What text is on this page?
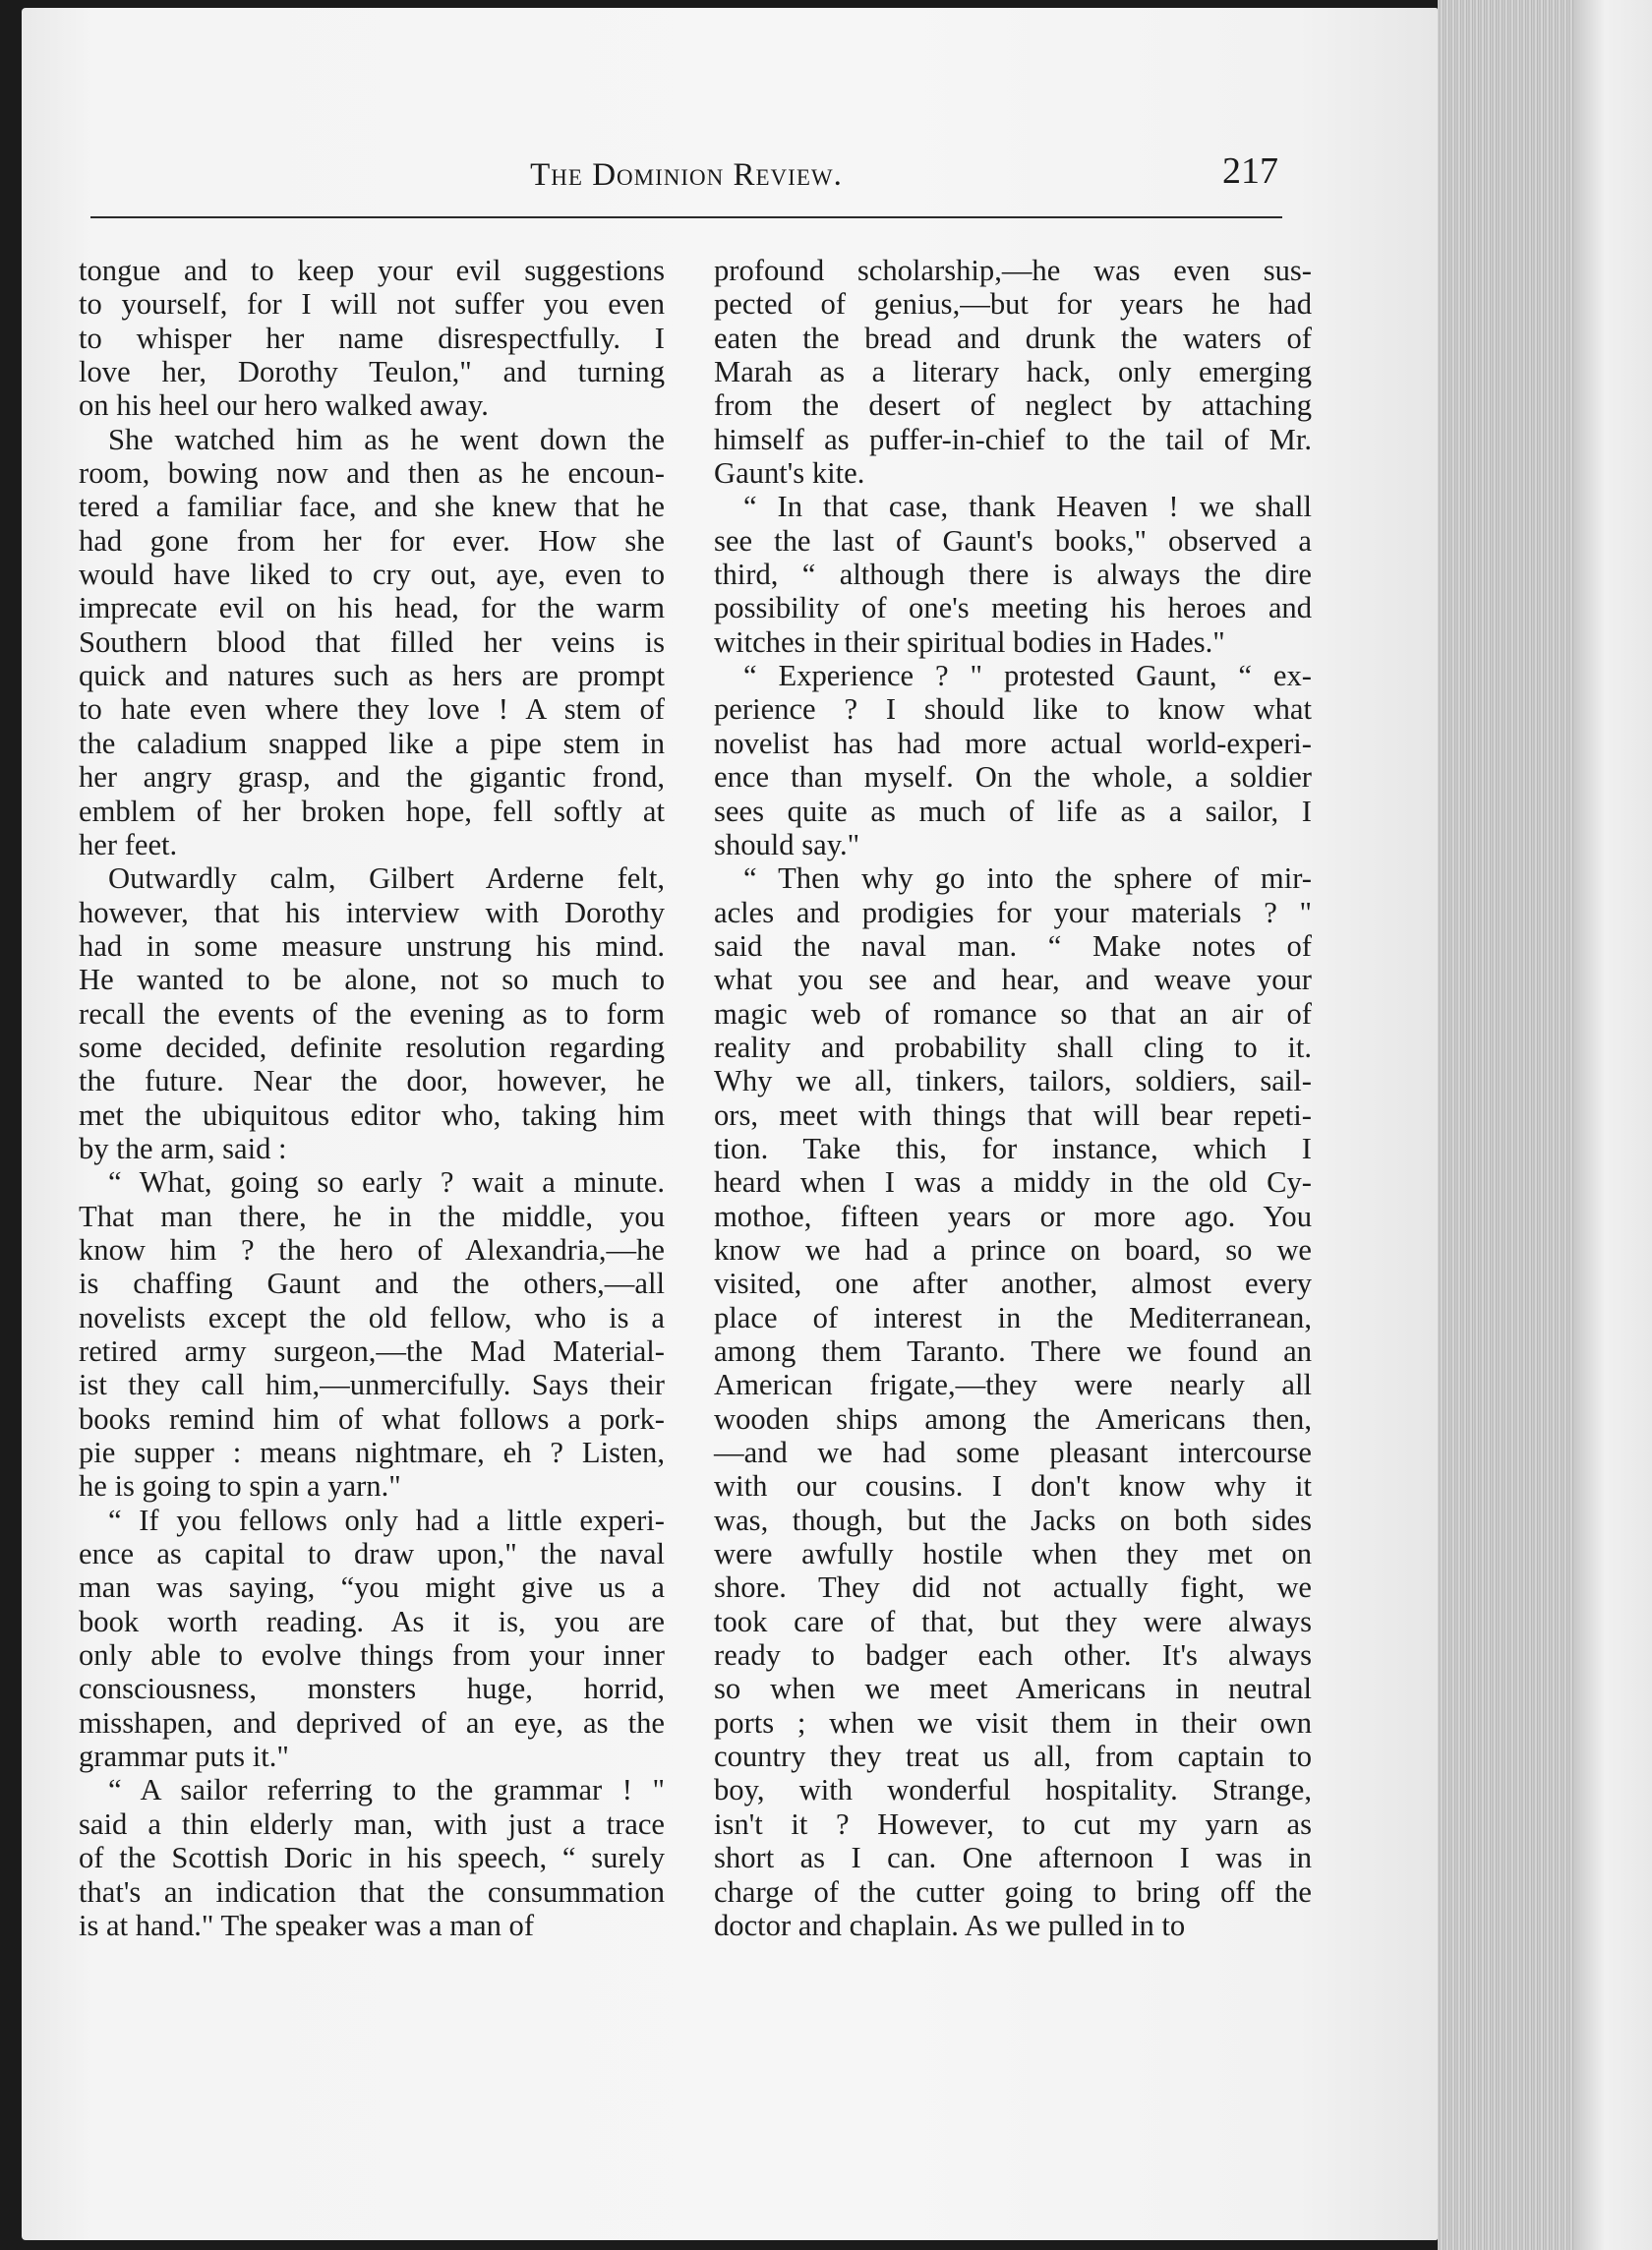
The Dominion Review.	217
tongue and to keep your evil suggestions
to yourself, for I will not suffer you even
to whisper her name disrespectfully. I
love her, Dorothy Teulon," and turning
on his heel our hero walked away.
She watched him as he went down the
room, bowing now and then as he encoun-
tered a familiar face, and she knew that he
had gone from her for ever. How she
would have liked to cry out, aye, even to
imprecate evil on his head, for the warm
Southern blood that filled her veins is
quick and natures such as hers are prompt
to hate even where they love ! A stem of
the caladium snapped like a pipe stem in
her angry grasp, and the gigantic frond,
emblem of her broken hope, fell softly at
her feet.
Outwardly calm, Gilbert Arderne felt,
however, that his interview with Dorothy
had in some measure unstrung his mind.
He wanted to be alone, not so much to
recall the events of the evening as to form
some decided, definite resolution regarding
the future. Near the door, however, he
met the ubiquitous editor who, taking him
by the arm, said :
“ What, going so early ? wait a minute.
That man there, he in the middle, you
know him ? the hero of Alexandria,—he
is chaffing Gaunt and the others,—all
novelists except the old fellow, who is a
retired army surgeon,—the Mad Material-
ist they call him,—unmercifully. Says their
books remind him of what follows a pork-
pie supper : means nightmare, eh ? Listen,
he is going to spin a yarn."
“ If you fellows only had a little experi-
ence as capital to draw upon," the naval
man was saying, “you might give us a
book worth reading. As it is, you are
only able to evolve things from your inner
consciousness, monsters huge, horrid,
misshapen, and deprived of an eye, as the
grammar puts it."
“ A sailor referring to the grammar ! "
said a thin elderly man, with just a trace
of the Scottish Doric in his speech, “ surely
that's an indication that the consummation
is at hand." The speaker was a man of
profound scholarship,—he was even sus-
pected of genius,—but for years he had
eaten the bread and drunk the waters of
Marah as a literary hack, only emerging
from the desert of neglect by attaching
himself as puffer-in-chief to the tail of Mr.
Gaunt's kite.
“ In that case, thank Heaven ! we shall
see the last of Gaunt's books," observed a
third, “ although there is always the dire
possibility of one's meeting his heroes and
witches in their spiritual bodies in Hades."
“ Experience ? " protested Gaunt, “ ex-
perience ? I should like to know what
novelist has had more actual world-experi-
ence than myself. On the whole, a soldier
sees quite as much of life as a sailor, I
should say."
“ Then why go into the sphere of mir-
acles and prodigies for your materials ? "
said the naval man. “ Make notes of
what you see and hear, and weave your
magic web of romance so that an air of
reality and probability shall cling to it.
Why we all, tinkers, tailors, soldiers, sail-
ors, meet with things that will bear repeti-
tion. Take this, for instance, which I
heard when I was a middy in the old Cy-
mothoe, fifteen years or more ago. You
know we had a prince on board, so we
visited, one after another, almost every
place of interest in the Mediterranean,
among them Taranto. There we found an
American frigate,—they were nearly all
wooden ships among the Americans then,
—and we had some pleasant intercourse
with our cousins. I don't know why it
was, though, but the Jacks on both sides
were awfully hostile when they met on
shore. They did not actually fight, we
took care of that, but they were always
ready to badger each other. It's always
so when we meet Americans in neutral
ports ; when we visit them in their own
country they treat us all, from captain to
boy, with wonderful hospitality. Strange,
isn't it ? However, to cut my yarn as
short as I can. One afternoon I was in
charge of the cutter going to bring off the
doctor and chaplain. As we pulled in to
